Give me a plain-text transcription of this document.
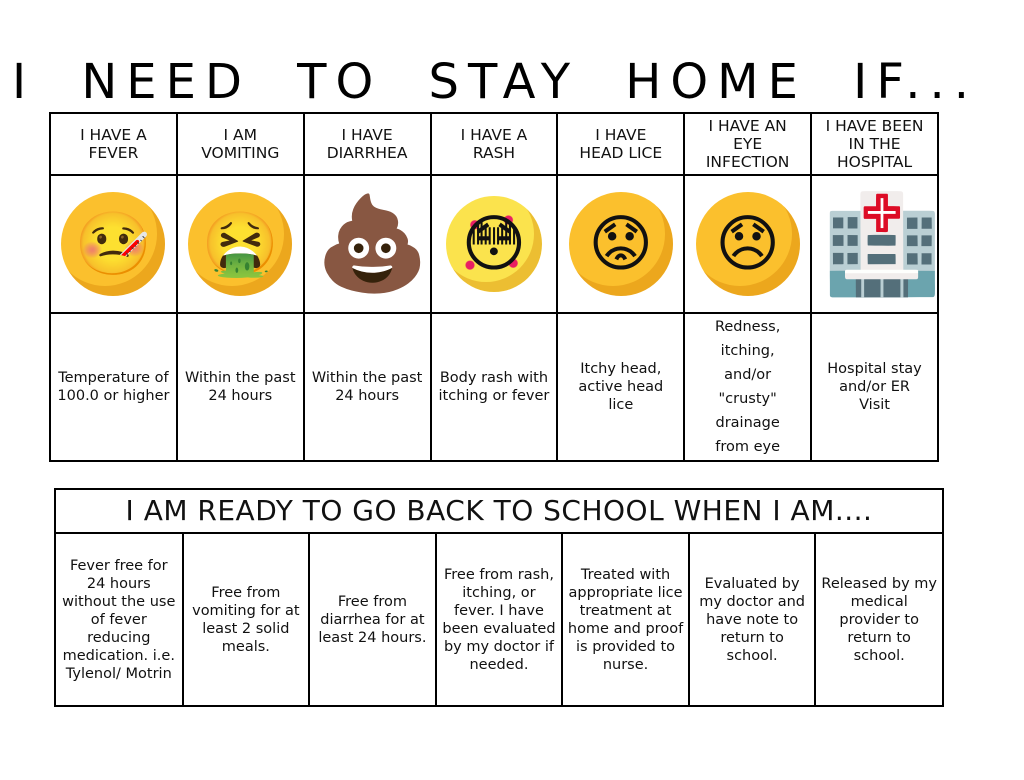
I NEED TO STAY HOME IF...
I HAVE A FEVER	I AM VOMITING	I HAVE DIARRHEA	I HAVE A RASH	I HAVE HEAD LICE	I HAVE AN EYE INFECTION	I HAVE BEEN IN THE HOSPITAL
🤒	🤮	💩	😳	😟	😞	🏥
Temperature of 100.0 or higher	Within the past 24 hours	Within the past 24 hours	Body rash with itching or fever	Itchy head, active head lice	Redness, itching, and/or "crusty" drainage from eye	Hospital stay and/or ER Visit
I AM READY TO GO BACK TO SCHOOL WHEN I AM....
Fever free for 24 hours without the use of fever reducing medication. i.e. Tylenol/ Motrin	Free from vomiting for at least 2 solid meals.	Free from diarrhea for at least 24 hours.	Free from rash, itching, or fever. I have been evaluated by my doctor if needed.	Treated with appropriate lice treatment at home and proof is provided to nurse.	Evaluated by my doctor and have note to return to school.	Released by my medical provider to return to school.
